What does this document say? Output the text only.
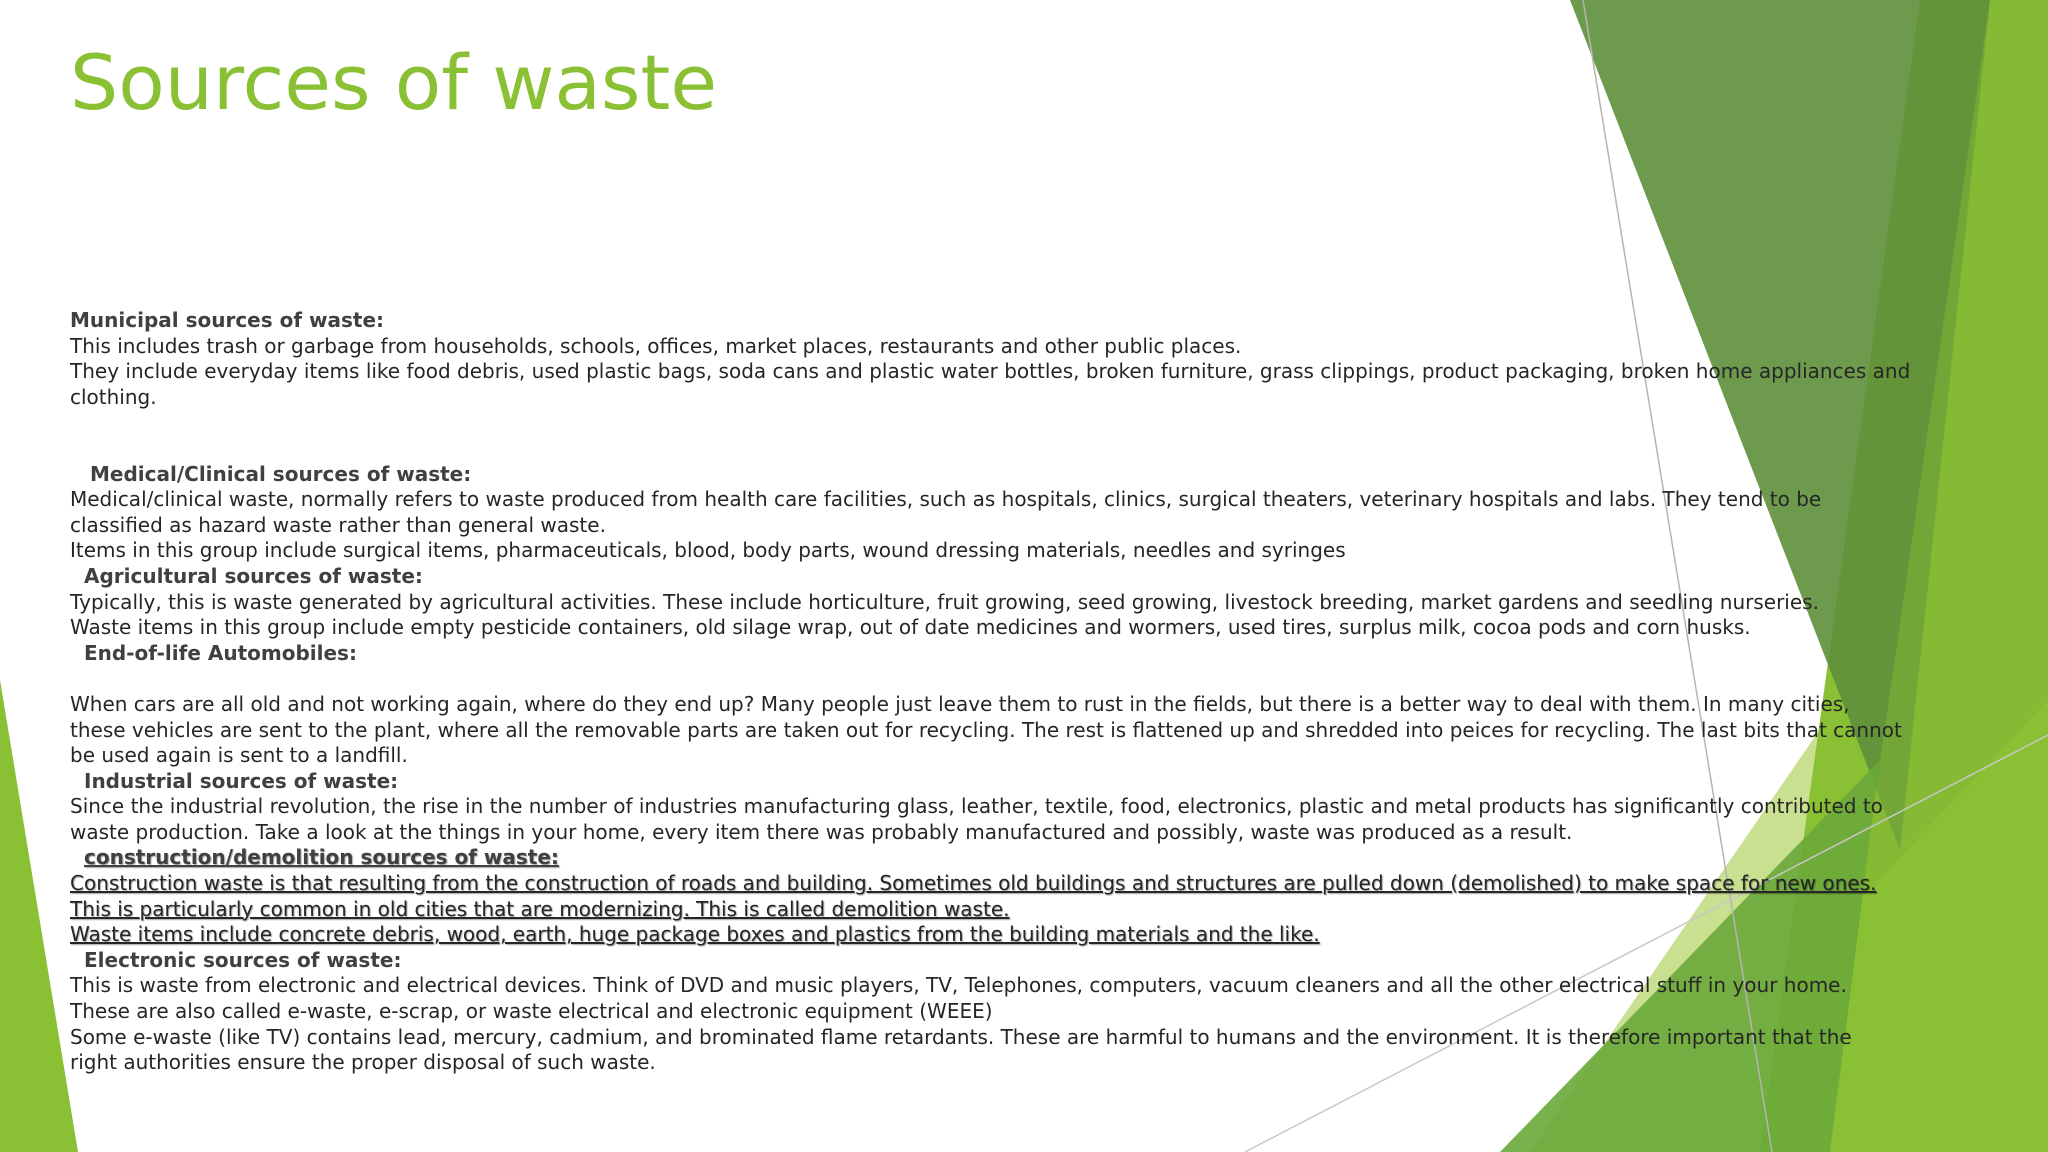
Sources of waste
Municipal sources of waste:
This includes trash or garbage from households, schools, offices, market places, restaurants and other public places.
They include everyday items like food debris, used plastic bags, soda cans and plastic water bottles, broken furniture, grass clippings, product packaging, broken home appliances and
clothing.
Medical/Clinical sources of waste:
Medical/clinical waste, normally refers to waste produced from health care facilities, such as hospitals, clinics, surgical theaters, veterinary hospitals and labs. They tend to be
classified as hazard waste rather than general waste.
Items in this group include surgical items, pharmaceuticals, blood, body parts, wound dressing materials, needles and syringes
Agricultural sources of waste:
Typically, this is waste generated by agricultural activities. These include horticulture, fruit growing, seed growing, livestock breeding, market gardens and seedling nurseries.
Waste items in this group include empty pesticide containers, old silage wrap, out of date medicines and wormers, used tires, surplus milk, cocoa pods and corn husks.
End-of-life Automobiles:
When cars are all old and not working again, where do they end up? Many people just leave them to rust in the fields, but there is a better way to deal with them. In many cities,
these vehicles are sent to the plant, where all the removable parts are taken out for recycling. The rest is flattened up and shredded into peices for recycling. The last bits that cannot
be used again is sent to a landfill.
Industrial sources of waste:
Since the industrial revolution, the rise in the number of industries manufacturing glass, leather, textile, food, electronics, plastic and metal products has significantly contributed to
waste production. Take a look at the things in your home, every item there was probably manufactured and possibly, waste was produced as a result.
construction/demolition sources of waste:
Construction waste is that resulting from the construction of roads and building. Sometimes old buildings and structures are pulled down (demolished) to make space for new ones.
This is particularly common in old cities that are modernizing. This is called demolition waste.
Waste items include concrete debris, wood, earth, huge package boxes and plastics from the building materials and the like.
Electronic sources of waste:
This is waste from electronic and electrical devices. Think of DVD and music players, TV, Telephones, computers, vacuum cleaners and all the other electrical stuff in your home.
These are also called e-waste, e-scrap, or waste electrical and electronic equipment (WEEE)
Some e-waste (like TV) contains lead, mercury, cadmium, and brominated flame retardants. These are harmful to humans and the environment. It is therefore important that the
right authorities ensure the proper disposal of such waste.
